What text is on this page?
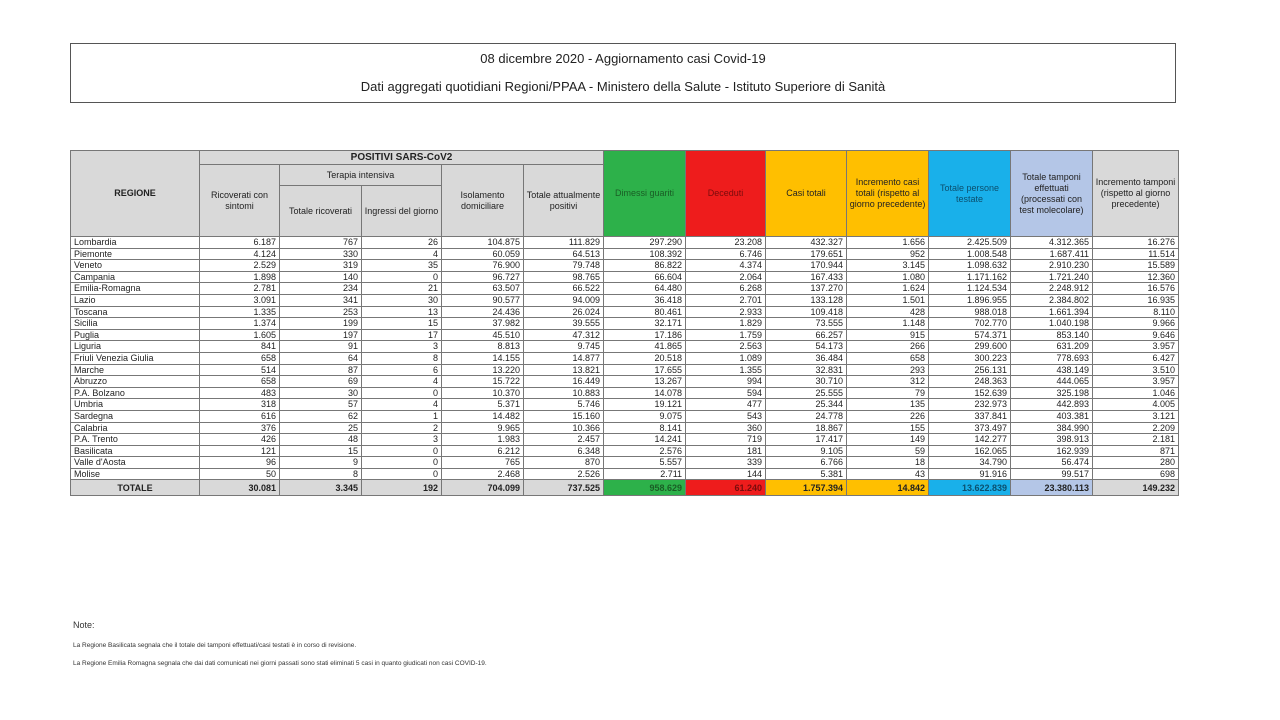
08 dicembre 2020 - Aggiornamento casi Covid-19
Dati aggregati quotidiani Regioni/PPAA - Ministero della Salute - Istituto Superiore di Sanità
REGIONE	POSITIVI SARS-CoV2					Dimessi guariti	Deceduti	Casi totali	Incremento casi totali (rispetto al giorno precedente)	Totale persone testate	Totale tamponi effettuati (processati con test molecolare)	Incremento tamponi (rispetto al giorno precedente)
	Ricoverati con sintomi	Terapia intensiva		Isolamento domiciliare	Totale attualmente positivi							
		Totale ricoverati	Ingressi del giorno									
Lombardia	6.187	767	26	104.875	111.829	297.290	23.208	432.327	1.656	2.425.509	4.312.365	16.276
Piemonte	4.124	330	4	60.059	64.513	108.392	6.746	179.651	952	1.008.548	1.687.411	11.514
Veneto	2.529	319	35	76.900	79.748	86.822	4.374	170.944	3.145	1.098.632	2.910.230	15.589
Campania	1.898	140	0	96.727	98.765	66.604	2.064	167.433	1.080	1.171.162	1.721.240	12.360
Emilia-Romagna	2.781	234	21	63.507	66.522	64.480	6.268	137.270	1.624	1.124.534	2.248.912	16.576
Lazio	3.091	341	30	90.577	94.009	36.418	2.701	133.128	1.501	1.896.955	2.384.802	16.935
Toscana	1.335	253	13	24.436	26.024	80.461	2.933	109.418	428	988.018	1.661.394	8.110
Sicilia	1.374	199	15	37.982	39.555	32.171	1.829	73.555	1.148	702.770	1.040.198	9.966
Puglia	1.605	197	17	45.510	47.312	17.186	1.759	66.257	915	574.371	853.140	9.646
Liguria	841	91	3	8.813	9.745	41.865	2.563	54.173	266	299.600	631.209	3.957
Friuli Venezia Giulia	658	64	8	14.155	14.877	20.518	1.089	36.484	658	300.223	778.693	6.427
Marche	514	87	6	13.220	13.821	17.655	1.355	32.831	293	256.131	438.149	3.510
Abruzzo	658	69	4	15.722	16.449	13.267	994	30.710	312	248.363	444.065	3.957
P.A. Bolzano	483	30	0	10.370	10.883	14.078	594	25.555	79	152.639	325.198	1.046
Umbria	318	57	4	5.371	5.746	19.121	477	25.344	135	232.973	442.893	4.005
Sardegna	616	62	1	14.482	15.160	9.075	543	24.778	226	337.841	403.381	3.121
Calabria	376	25	2	9.965	10.366	8.141	360	18.867	155	373.497	384.990	2.209
P.A. Trento	426	48	3	1.983	2.457	14.241	719	17.417	149	142.277	398.913	2.181
Basilicata	121	15	0	6.212	6.348	2.576	181	9.105	59	162.065	162.939	871
Valle d'Aosta	96	9	0	765	870	5.557	339	6.766	18	34.790	56.474	280
Molise	50	8	0	2.468	2.526	2.711	144	5.381	43	91.916	99.517	698
TOTALE	30.081	3.345	192	704.099	737.525	958.629	61.240	1.757.394	14.842	13.622.839	23.380.113	149.232
Note:
La Regione Basilicata segnala che il totale dei tamponi effettuati/casi testati è in corso di revisione.
La Regione Emilia Romagna segnala che dai dati comunicati nei giorni passati sono stati eliminati 5 casi in quanto giudicati non casi COVID-19.
